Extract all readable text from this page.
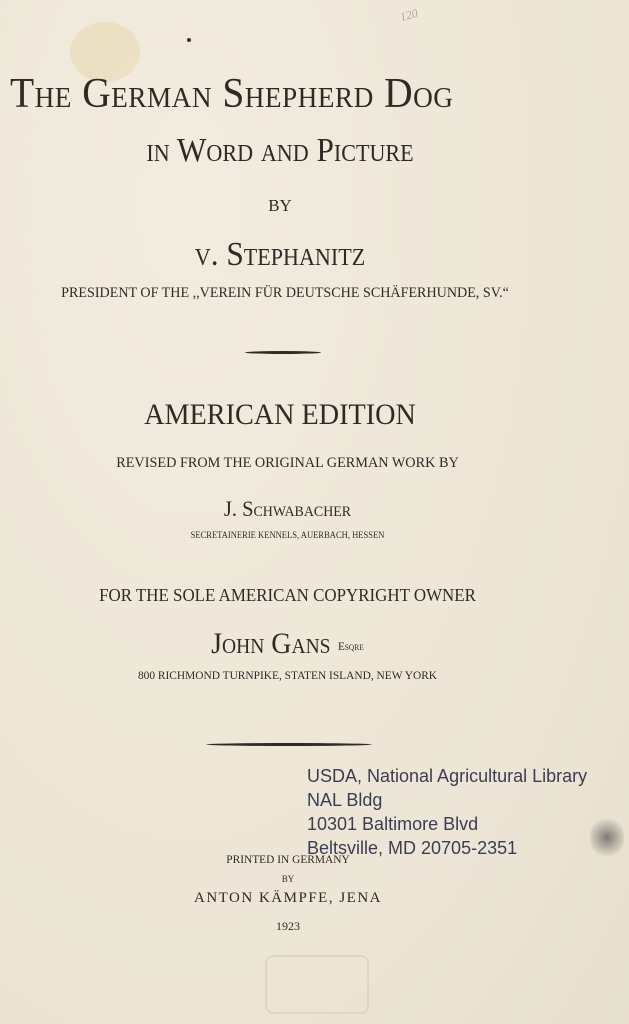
120
The German Shepherd Dog
in Word and Picture
BY
v. Stephanitz
PRESIDENT OF THE ,,VEREIN FÜR DEUTSCHE SCHÄFERHUNDE, SV.“
AMERICAN EDITION
REVISED FROM THE ORIGINAL GERMAN WORK BY
J. Schwabacher
SECRETAINERIE KENNELS, AUERBACH, HESSEN
FOR THE SOLE AMERICAN COPYRIGHT OWNER
John Gans Esqre
800 RICHMOND TURNPIKE, STATEN ISLAND, NEW YORK
USDA, National Agricultural Library
NAL Bldg
10301 Baltimore Blvd
Beltsville, MD 20705-2351
PRINTED IN GERMANY
BY
ANTON KÄMPFE, JENA
1923
